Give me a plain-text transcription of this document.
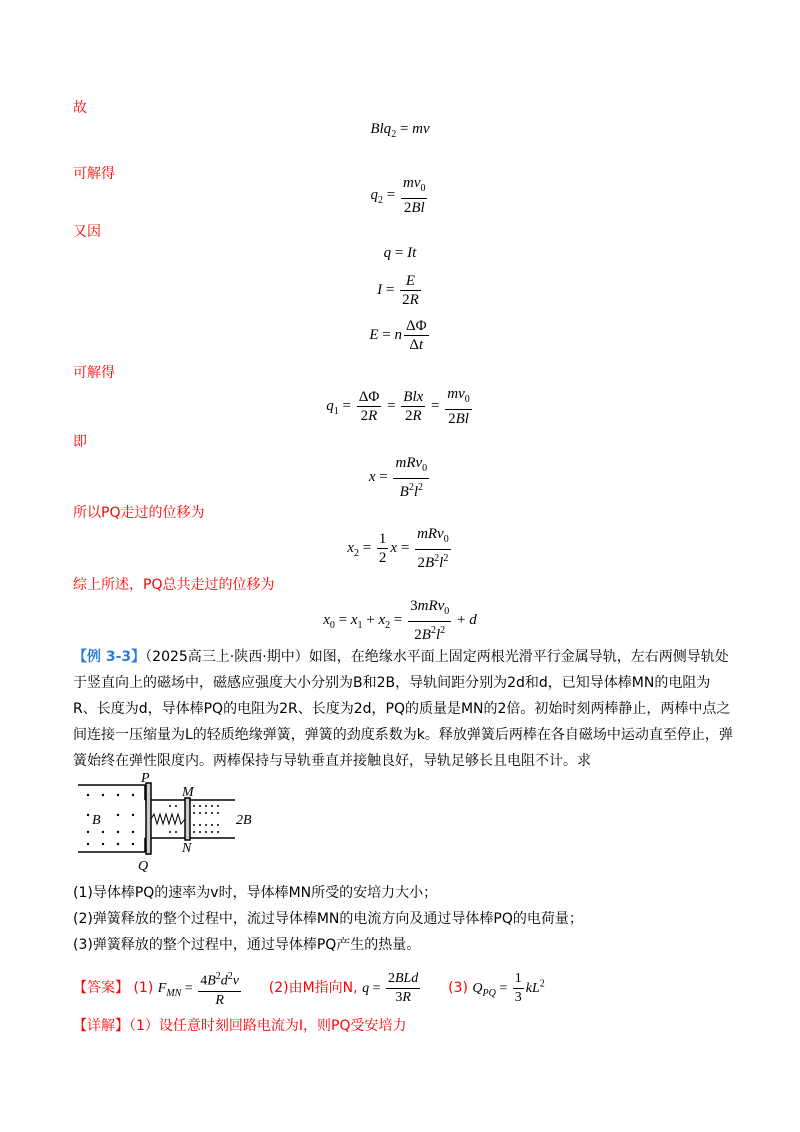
故
Blq$_2$ = mv
可解得
$q_2 = \frac{mv_0}{2Bl}$
又因
q = It
$I = \frac{E}{2R}$
E = n $\frac{\Delta\Phi}{\Delta t}$
可解得
$q_1 = \frac{\Delta\Phi}{2R} = \frac{\text{Blx}}{2R} = \frac{mv_0}{2Bl}$
即
$x = \frac{mRv_0}{B^2l^2}$
所以PQ走过的位移为
$x_2 = \frac{1}{2}$ $x = \frac{mRv_0}{2B^2l^2}$
综上所述，PQ总共走过的位移为
$x_0 = x_1 + x_2 = \frac{3mRv_0}{2B^2l^2} + d$
【例 3-3】（2025高三上·陕西·期中）如图，在绝缘水平面上固定两根光滑平行金属导轨，左右两侧导轨处于竖直向上的磁场中，磁感应强度大小分别为B和2B，导轨间距分别为2d和d，已知导体棒MN的电阻为R、长度为d，导体棒PQ的电阻为2R、长度为2d，PQ的质量是MN的2倍。初始时刻两棒静止，两棒中点之间连接一压缩量为L的轻质绝缘弹簧，弹簧的劲度系数为k。释放弹簧后两棒在各自磁场中运动直至停止，弹簧始终在弹性限度内。两棒保持与导轨垂直并接触良好，导轨足够长且电阻不计。求
P
Q
M
N
B	2B
(1)导体棒PQ的速率为v时，导体棒MN所受的安培力大小；
(2)弹簧释放的整个过程中，流过导体棒MN的电流方向及通过导体棒PQ的电荷量；
(3)弹簧释放的整个过程中，通过导体棒PQ产生的热量。
【答案】 (1) $F_{MN} = \frac{4B^2d^2v}{R} (2)$由M指向N, $q = \frac{\text{2BLd}}{3R} (3) Q_{PQ} = \frac{1}{3} kL^2$
【详解】（1）设任意时刻回路电流为I，则PQ受安培力
